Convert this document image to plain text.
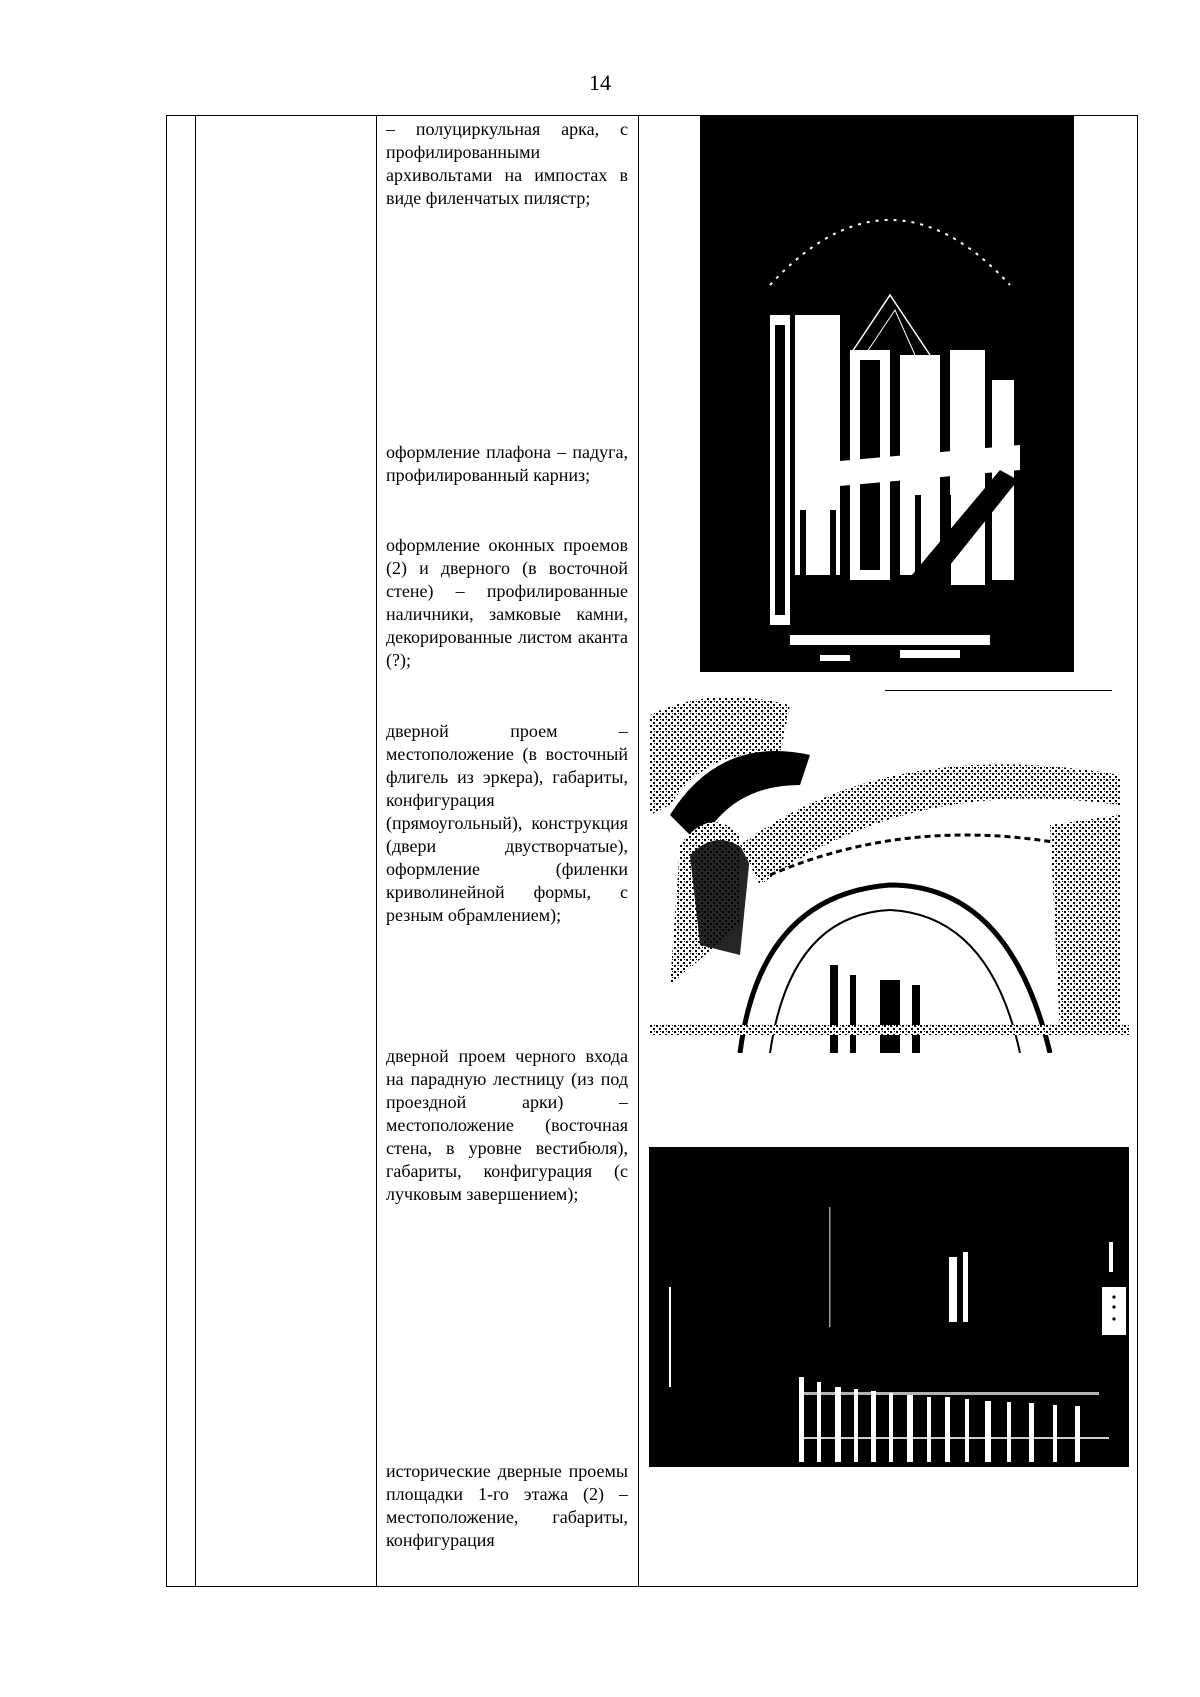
14

– полуциркульная арка, с профилированными архивольтами на импостах в виде филенчатых пилястр;

оформление плафона – падуга, профилированный карниз;

оформление оконных проемов (2) и дверного (в восточной стене) – профилированные наличники, замковые камни, декорированные листом аканта (?);

дверной проем – местоположение (в восточный флигель из эркера), габариты, конфигурация (прямоугольный), конструкция (двери двустворчатые), оформление (филенки криволинейной формы, с резным обрамлением);

дверной проем черного входа на парадную лестницу (из под проездной арки) – местоположение (восточная стена, в уровне вестибюля), габариты, конфигурация (с лучковым завершением);

исторические дверные проемы площадки 1-го этажа (2) – местоположение, габариты, конфигурация
